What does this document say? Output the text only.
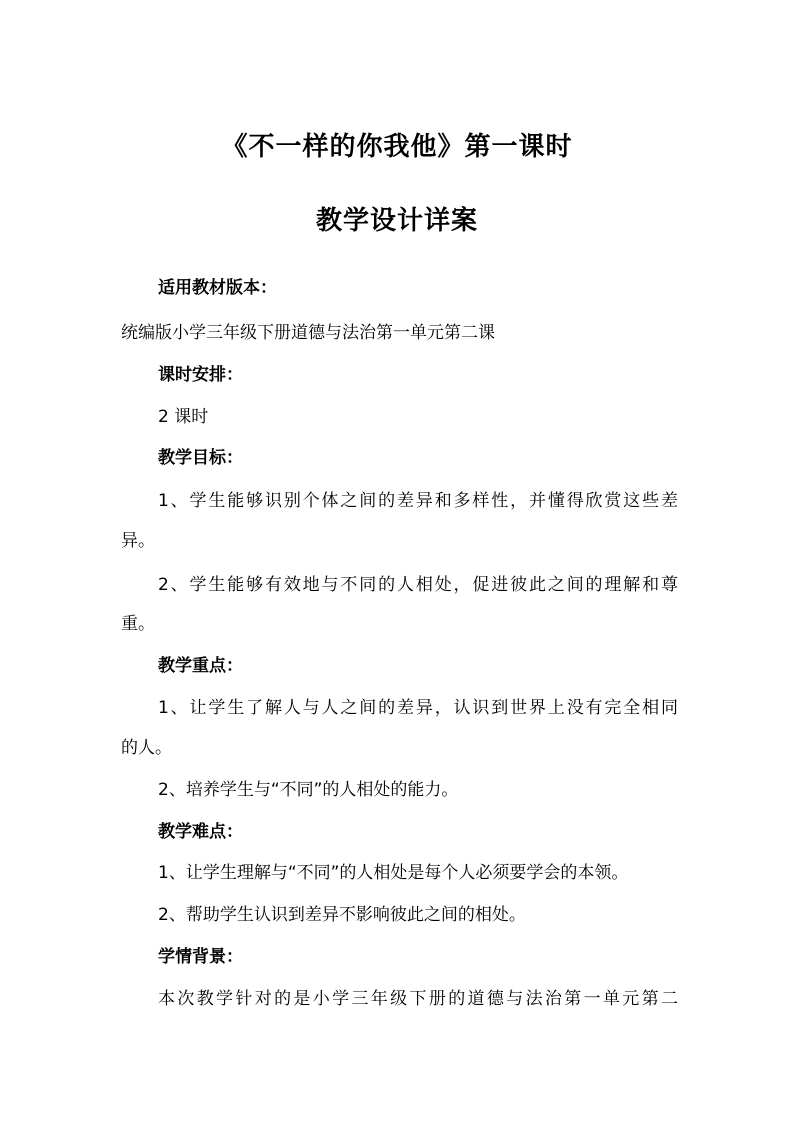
《不一样的你我他》第一课时
教学设计详案
适用教材版本：
统编版小学三年级下册道德与法治第一单元第二课
课时安排：
2 课时
教学目标：
1、学生能够识别个体之间的差异和多样性，并懂得欣赏这些差
异。
2、学生能够有效地与不同的人相处，促进彼此之间的理解和尊
重。
教学重点：
1、让学生了解人与人之间的差异，认识到世界上没有完全相同
的人。
2、培养学生与“不同”的人相处的能力。
教学难点：
1、让学生理解与“不同”的人相处是每个人必须要学会的本领。
2、帮助学生认识到差异不影响彼此之间的相处。
学情背景：
本次教学针对的是小学三年级下册的道德与法治第一单元第二
